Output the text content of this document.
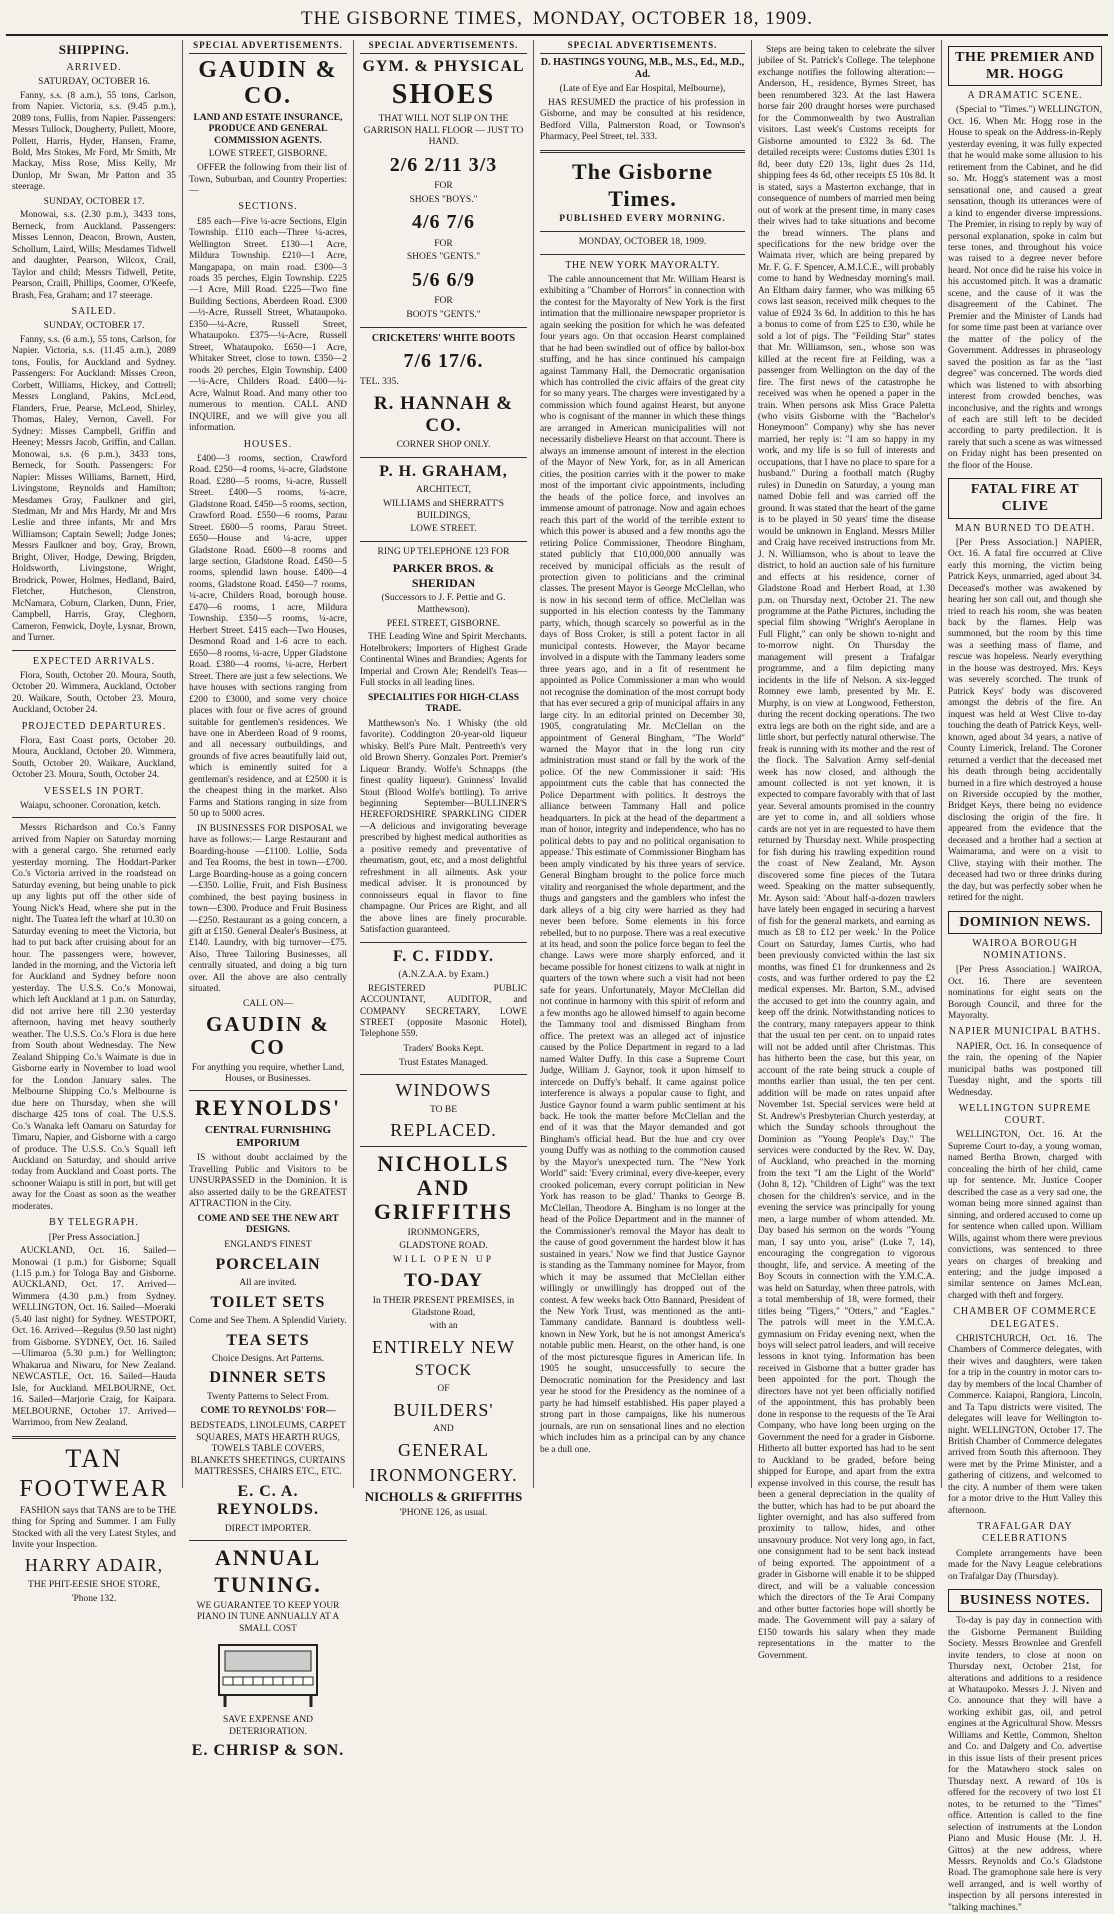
THE GISBORNE TIMES, MONDAY, OCTOBER 18, 1909.
SHIPPING.
ARRIVED.
SATURDAY, OCTOBER 16.

Fanny, s.s. (8 a.m.), 55 tons, Carlson, from Napier. Victoria, s.s. (9.45 p.m.), 2089 tons, Fullis, from Napier. Passengers: Messrs Tullock, Dougherty, Pullett, Moore, Pollett, Harris, Hyder, Hansen, Frame, Bold, Mrs Stokes, Mr Ford, Mr Smith, Mr Mackay, Miss Rose, Miss Kelly, Mr Dunlop, Mr Swan, Mr Patton and 35 steerage.

SUNDAY, OCTOBER 17.

Monowai, s.s. (2.30 p.m.), 3433 tons, Berneck, from Auckland. Passengers: Misses Lennon, Deacon, Brown, Austen, Schollum, Laird, Wills; Mesdames Tidwell and daughter, Pearson, Wilcox, Crail, Taylor and child; Messrs Tidwell, Petite, Pearson, Craill, Phillips, Coomer, O'Keefe, Brash, Fea, Graham; and 17 steerage.

SAILED.
SUNDAY, OCTOBER 17.

Fanny, s.s. (6 a.m.), 55 tons, Carlson, for Napier. Victoria, s.s. (11.45 a.m.), 2089 tons, Foulis, for Auckland and Sydney. Passengers: For Auckland: Misses Creon, Corbett, Williams, Hickey, and Cottrell; Messrs Longland, Pakins, McLeod, Flanders, Frue, Pearse, McLeod, Shirley, Thomas, Haley, Vernon, Cavell. For Sydney: Misses Campbell, Griffin and Heeney; Messrs Jacob, Griffin, and Callan. Monowai, s.s. (6 p.m.), 3433 tons, Berneck, for South. Passengers: For Napier: Misses Williams, Barnett, Hird, Livingstone, Reynolds and Hamilton; Mesdames Gray, Faulkner and girl, Stedman, Mr and Mrs Hardy, Mr and Mrs Leslie and three infants, Mr and Mrs Williamson; Captain Sewell; Judge Jones; Messrs Faulkner and boy, Gray, Brown, Bright, Oliver, Hodge, Dewing, Brigden, Holdsworth, Livingstone, Wright, Brodrick, Power, Holmes, Hedland, Baird, Fletcher, Hutcheson, Clenstron, McNamara, Coburn, Clarken, Dunn, Frier, Campbell, Harris, Gray, Cleghorn, Cameron, Fenwick, Doyle, Lysnar, Brown, and Turner.

EXPECTED ARRIVALS.

Flora, South, October 20. Moura, South, October 20. Wimmera, Auckland, October 20. Waikare, South, October 23. Moura, Auckland, October 24.

PROJECTED DEPARTURES.

Flora, East Coast ports, October 20. Moura, Auckland, October 20. Wimmera, South, October 20. Waikare, Auckland, October 23. Moura, South, October 24.

VESSELS IN PORT.

Waiapu, schooner. Coronation, ketch.

Messrs Richardson and Co.'s Fanny arrived from Napier on Saturday morning with a general cargo. She returned early yesterday morning. The Hoddart-Parker Co.'s Victoria arrived in the roadstead on Saturday evening, but being unable to pick up any lights put off the other side of Young Nick's Head, where she put in the night. The Tuatea left the wharf at 10.30 on Saturday evening to meet the Victoria, but had to put back after cruising about for an hour. The passengers were, however, landed in the morning, and the Victoria left for Auckland and Sydney before noon yesterday. The U.S.S. Co.'s Monowai, which left Auckland at 1 p.m. on Saturday, did not arrive here till 2.30 yesterday afternoon, having met heavy southerly weather. The U.S.S. Co.'s Flora is due here from South about Wednesday. The New Zealand Shipping Co.'s Waimate is due in Gisborne early in November to load wool for the London January sales. The Melbourne Shipping Co.'s Melbourne is due here on Thursday, when she will discharge 425 tons of coal. The U.S.S. Co.'s Wanaka left Oamaru on Saturday for Timaru, Napier, and Gisborne with a cargo of produce. The U.S.S. Co.'s Squall left Auckland on Saturday, and should arrive today from Auckland and Coast ports. The schooner Waiapu is still in port, but will get away for the Coast as soon as the weather moderates.

BY TELEGRAPH.
[Per Press Association.]

AUCKLAND, Oct. 16. Sailed—Monowai (1 p.m.) for Gisborne; Squall (1.15 p.m.) for Tologa Bay and Gisborne. AUCKLAND, Oct. 17. Arrived—Wimmera (4.30 p.m.) from Sydney. WELLINGTON, Oct. 16. Sailed—Moeraki (5.40 last night) for Sydney. WESTPORT, Oct. 16. Arrived—Regulus (9.50 last night) from Gisborne. SYDNEY, Oct. 16. Sailed—Ulimaroa (5.30 p.m.) for Wellington; Whakarua and Niwaru, for New Zealand. NEWCASTLE, Oct. 16. Sailed—Hauda Isle, for Auckland. MELBOURNE, Oct. 16. Sailed—Marjorie Craig, for Kaipara. MELBOURNE, October 17. Arrived—Warrimoo, from New Zealand.

TAN
FOOTWEAR

FASHION says that TANS are to be THE thing for Spring and Summer. I am Fully Stocked with all the very Latest Styles, and Invite your Inspection.

HARRY ADAIR,
THE PHIT-EESIE SHOE STORE,
'Phone 132.
SPECIAL ADVERTISEMENTS.
GAUDIN & CO.
LAND AND ESTATE INSURANCE, PRODUCE AND GENERAL COMMISSION AGENTS.
LOWE STREET, GISBORNE.

OFFER the following from their list of Town, Suburban, and Country Properties:—

SECTIONS.

£85 each—Five ¼-acre Sections, Elgin Township. £110 each—Three ¼-acres, Wellington Street. £130—1 Acre, Mildura Township. £210—1 Acre, Mangapapa, on main road. £300—3 roads 35 perches, Elgin Township. £225—1 Acre, Mill Road. £225—Two fine Building Sections, Aberdeen Road. £300—½-Acre, Russell Street, Whataupoko. £350—¼-Acre, Russell Street, Whataupoko. £375—¼-Acre, Russell Street, Whataupoko. £650—1 Acre, Whitaker Street, close to town. £350—2 roods 20 perches, Elgin Township. £400—¼-Acre, Childers Road. £400—¼-Acre, Walnut Road. And many other too numerous to mention. CALL AND INQUIRE, and we will give you all information.

HOUSES.

£400—3 rooms, section, Crawford Road. £250—4 rooms, ¼-acre, Gladstone Road. £280—5 rooms, ¼-acre, Russell Street. £400—5 rooms, ¼-acre, Gladstone Road. £450—5 rooms, section, Crawford Road. £550—6 rooms, Parau Street. £600—5 rooms, Parau Street. £650—House and ¼-acre, upper Gladstone Road. £600—8 rooms and large section, Gladstone Road. £450—5 rooms, splendid lawn house. £400—4 rooms, Gladstone Road. £450—7 rooms, ¼-acre, Childers Road, borough house. £470—6 rooms, 1 acre, Mildura Township. £350—5 rooms, ¼-acre, Herbert Street. £415 each—Two Houses, Desmond Road and 1-6 acre to each. £650—8 rooms, ¼-acre, Upper Gladstone Road. £380—4 rooms, ¼-acre, Herbert Street. There are just a few selections. We have houses with sections ranging from £200 to £3000, and some very choice places with four or five acres of ground suitable for gentlemen's residences. We have one in Aberdeen Road of 9 rooms, and all necessary outbuildings, and grounds of five acres beautifully laid out, which is eminently suited for a gentleman's residence, and at £2500 it is the cheapest thing in the market. Also Farms and Stations ranging in size from 50 up to 5000 acres.

IN BUSINESSES FOR DISPOSAL we have as follows:— Large Restaurant and Boarding-house —£1100. Lollie, Soda and Tea Rooms, the best in town—£700. Large Boarding-house as a going concern—£350. Lollie, Fruit, and Fish Business combined, the best paying business in town—£300. Produce and Fruit Business—£250. Restaurant as a going concern, a gift at £150. General Dealer's Business, at £140. Laundry, with big turnover—£75. Also, Three Tailoring Businesses, all centrally situated, and doing a big turn over. All the above are also centrally situated.

CALL ON—
GAUDIN & CO

For anything you require, whether Land, Houses, or Businesses.

REYNOLDS'
CENTRAL FURNISHING EMPORIUM

IS without doubt acclaimed by the Travelling Public and Visitors to be UNSURPASSED in the Dominion. It is also asserted daily to be the GREATEST ATTRACTION in the City.

COME AND SEE THE NEW ART DESIGNS.
ENGLAND'S FINEST
PORCELAIN
All are invited.
TOILET SETS
Come and See Them. A Splendid Variety.
TEA SETS
Choice Designs. Art Patterns.
DINNER SETS
Twenty Patterns to Select From.
COME TO REYNOLDS' FOR—
BEDSTEADS, LINOLEUMS, CARPET SQUARES, MATS HEARTH RUGS, TOWELS TABLE COVERS, BLANKETS SHEETINGS, CURTAINS MATTRESSES, CHAIRS ETC., ETC.
E. C. A. REYNOLDS.
DIRECT IMPORTER.
ANNUAL
TUNING.

WE GUARANTEE TO KEEP YOUR PIANO IN TUNE ANNUALLY AT A SMALL COST

SAVE EXPENSE AND DETERIORATION.
E. CHRISP & SON.
SPECIAL ADVERTISEMENTS.
GYM. & PHYSICAL
SHOES
THAT WILL NOT SLIP ON THE GARRISON HALL FLOOR — JUST TO HAND.
2/6 2/11 3/3
FOR
SHOES "BOYS."
4/6 7/6
FOR
SHOES "GENTS."
5/6 6/9
FOR
BOOTS "GENTS."
CRICKETERS' WHITE BOOTS
7/6 17/6.
TEL. 335.
R. HANNAH & CO.
CORNER SHOP ONLY.
P. H. GRAHAM,
ARCHITECT,
WILLIAMS and SHERRATT'S BUILDINGS,
LOWE STREET.
RING UP TELEPHONE 123 FOR
PARKER BROS. & SHERIDAN
(Successors to J. F. Pettie and G. Matthewson).
PEEL STREET, GISBORNE.

THE Leading Wine and Spirit Merchants. Hotelbrokers; Importers of Highest Grade Continental Wines and Brandies; Agents for Imperial and Crown Ale; Rendell's Teas—Full stocks in all leading lines.

SPECIALITIES FOR HIGH-CLASS TRADE.

Matthewson's No. 1 Whisky (the old favorite). Coddington 20-year-old liqueur whisky. Bell's Pure Malt. Pentreeth's very old Brown Sherry. Gonzales Port. Premier's Liqueur Brandy. Wolfe's Schnapps (the finest quality liqueur). Guinness' Invalid Stout (Blood Wolfe's bottling). To arrive beginning September—BULLINER'S HEREFORDSHIRE SPARKLING CIDER—A delicious and invigorating beverage prescribed by highest medical authorities as a positive remedy and preventative of rheumatism, gout, etc, and a most delightful refreshment in all ailments. Ask your medical adviser. It is pronounced by connoisseurs equal in flavor to fine champagne. Our Prices are Right, and all the above lines are finely procurable. Satisfaction guaranteed.

F. C. FIDDY.
(A.N.Z.A.A. by Exam.)

REGISTERED PUBLIC ACCOUNTANT, AUDITOR, and COMPANY SECRETARY, LOWE STREET (opposite Masonic Hotel), Telephone 559.

Traders' Books Kept.
Trust Estates Managed.
WINDOWS
TO BE
REPLACED.
NICHOLLS AND GRIFFITHS
IRONMONGERS,
GLADSTONE ROAD.
WILL OPEN UP
TO-DAY
In THEIR PRESENT PREMISES, in Gladstone Road,
with an
ENTIRELY NEW
STOCK
OF
BUILDERS'
AND
GENERAL
IRONMONGERY.
NICHOLLS & GRIFFITHS
'PHONE 126, as usual.
SPECIAL ADVERTISEMENTS.
D. HASTINGS YOUNG, M.B., M.S., Ed., M.D., Ad.
(Late of Eye and Ear Hospital, Melbourne),

HAS RESUMED the practice of his profession in Gisborne, and may be consulted at his residence, Bedford Villa, Palmerston Road, or Townson's Pharmacy, Peel Street, tel. 333.

The Gisborne Times.
PUBLISHED EVERY MORNING.
MONDAY, OCTOBER 18, 1909.
THE NEW YORK MAYORALTY.

The cable announcement that Mr. William Hearst is exhibiting a "Chamber of Horrors" in connection with the contest for the Mayoralty of New York is the first intimation that the millionaire newspaper proprietor is again seeking the position for which he was defeated four years ago. On that occasion Hearst complained that he had been swindled out of office by ballot-box stuffing, and he has since continued his campaign against Tammany Hall, the Democratic organisation which has controlled the civic affairs of the great city for so many years. The charges were investigated by a commission which found against Hearst, but anyone who is cognisant of the manner in which these things are arranged in American municipalities will not necessarily disbelieve Hearst on that account. There is always an immense amount of interest in the election of the Mayor of New York, for, as in all American cities, the position carries with it the power to make most of the important civic appointments, including the heads of the police force, and involves an immense amount of patronage. Now and again echoes reach this part of the world of the terrible extent to which this power is abused and a few months ago the retiring Police Commissioner, Theodore Bingham, stated publicly that £10,000,000 annually was received by municipal officials as the result of protection given to politicians and the criminal classes. The present Mayor is George McClellan, who is now in his second term of office. McClellan was supported in his election contests by the Tammany party, which, though scarcely so powerful as in the days of Boss Croker, is still a potent factor in all municipal contests. However, the Mayor became involved in a dispute with the Tammany leaders some three years ago, and in a fit of resentment he appointed as Police Commissioner a man who would not recognise the domination of the most corrupt body that has ever secured a grip of municipal affairs in any large city. In an editorial printed on December 30, 1905, congratulating Mr. McClellan on the appointment of General Bingham, "The World" warned the Mayor that in the long run city administration must stand or fall by the work of the police. Of the new Commissioner it said: 'His appointment cuts the cable that has connected the Police Department with politics. It destroys the alliance between Tammany Hall and police headquarters. In pick at the head of the department a man of honor, integrity and independence, who has no political debts to pay and no political organisation to appease.' This estimate of Commissioner Bingham has been amply vindicated by his three years of service. General Bingham brought to the police force much vitality and reorganised the whole department, and the thugs and gangsters and the gamblers who infest the dark alleys of a big city were harried as they had never been before. Some elements in his force rebelled, but to no purpose. There was a real executive at its head, and soon the police force began to feel the change. Laws were more sharply enforced, and it became possible for honest citizens to walk at night in quarters of the town where such a visit had not been safe for years. Unfortunately, Mayor McClellan did not continue in harmony with this spirit of reform and a few months ago he allowed himself to again become the Tammany tool and dismissed Bingham from office. The pretext was an alleged act of injustice caused by the Police Department in regard to a lad named Walter Duffy. In this case a Supreme Court Judge, William J. Gaynor, took it upon himself to intercede on Duffy's behalf. It came against police interference is always a popular cause to fight, and Justice Gaynor found a warm public sentiment at his back. He took the matter before McClellan and the end of it was that the Mayor demanded and got Bingham's official head. But the hue and cry over young Duffy was as nothing to the commotion caused by the Mayor's unexpected turn. The "New York World" said: 'Every criminal, every dive-keeper, every crooked policeman, every corrupt politician in New York has reason to be glad.' Thanks to George B. McClellan, Theodore A. Bingham is no longer at the head of the Police Department and in the manner of the Commissioner's removal the Mayor has dealt to the cause of good government the hardest blow it has sustained in years.' Now we find that Justice Gaynor is standing as the Tammany nominee for Mayor, from which it may be assumed that McClellan either willingly or unwillingly has dropped out of the contest. A few weeks back Otto Bannard, President of the New York Trust, was mentioned as the anti-Tammany candidate. Bannard is doubtless well-known in New York, but he is not amongst America's notable public men. Hearst, on the other hand, is one of the most picturesque figures in American life. In 1905 he sought, unsuccessfully to secure the Democratic nomination for the Presidency and last year he stood for the Presidency as the nominee of a party he had himself established. His paper played a strong part in those campaigns, like his numerous journals, are run on sensational lines and no election which includes him as a principal can by any chance be a dull one.

Steps are being taken to celebrate the silver jubilee of St. Patrick's College. The telephone exchange notifies the following alteration:—Anderson, H., residence, Byrnes Street, has been renumbered 323. At the last Hawera horse fair 200 draught horses were purchased for the Commonwealth by two Australian visitors. Last week's Customs receipts for Gisborne amounted to £322 3s 6d. The detailed receipts were: Customs duties £301 1s 8d, beer duty £20 13s, light dues 2s 11d, shipping fees 4s 6d, other receipts £5 10s 8d. It is stated, says a Masterton exchange, that in consequence of numbers of married men being out of work at the present time, in many cases their wives had to take situations and become the bread winners. The plans and specifications for the new bridge over the Waimata river, which are being prepared by Mr. F. G. F. Spencer, A.M.I.C.E., will probably come to hand by Wednesday morning's mail. An Eltham dairy farmer, who was milking 65 cows last season, received milk cheques to the value of £924 3s 6d. In addition to this he has a bonus to come of from £25 to £30, while he sold a lot of pigs. The "Feilding Star" states that Mr. Williamson, sen., whose son was killed at the recent fire at Feilding, was a passenger from Wellington on the day of the fire. The first news of the catastrophe he received was when he opened a paper in the train. When persons ask Miss Grace Paletta (who visits Gisborne with the "Bachelor's Honeymoon" Company) why she has never married, her reply is: "I am so happy in my work, and my life is so full of interests and occupations, that I have no place to spare for a husband." During a football match (Rugby rules) in Dunedin on Saturday, a young man named Dobie fell and was carried off the ground. It was stated that the heart of the game is to be played in 50 years' time the disease would be unknown in England. Messrs Miller and Craig have received instructions from Mr. J. N. Williamson, who is about to leave the district, to hold an auction sale of his furniture and effects at his residence, corner of Gladstone Road and Herbert Road, at 1.30 p.m. on Thursday next, October 21. The new programme at the Pathe Pictures, including the special film showing "Wright's Aeroplane in Full Flight," can only be shown to-night and to-morrow night. On Thursday the management will present a Trafalgar programme, and a film depicting many incidents in the life of Nelson. A six-legged Romney ewe lamb, presented by Mr. E. Murphy, is on view at Longwood, Fetherston, during the recent docking operations. The two extra legs are both on the right side, and are a little short, but perfectly natural otherwise. The freak is running with its mother and the rest of the flock. The Salvation Army self-denial week has now closed, and although the amount collected is not yet known, it is expected to compare favorably with that of last year. Several amounts promised in the country are yet to come in, and all soldiers whose cards are not yet in are requested to have them returned by Thursday next. While prospecting for fish during his trawling expedition round the coast of New Zealand, Mr. Ayson discovered some fine pieces of the Tutara weed. Speaking on the matter subsequently, Mr. Ayson said: 'About half-a-dozen trawlers have lately been engaged in securing a harvest of fish for the general markets, and earning as much as £8 to £12 per week.' In the Police Court on Saturday, James Curtis, who had been previously convicted within the last six months, was fined £1 for drunkenness and 2s costs, and was further ordered to pay the £2 medical expenses. Mr. Barton, S.M., advised the accused to get into the country again, and keep off the drink. Notwithstanding notices to the contrary, many ratepayers appear to think that the usual ten per cent. on to unpaid rates will not be added until after Christmas. This has hitherto been the case, but this year, on account of the rate being struck a couple of months earlier than usual, the ten per cent. addition will be made on rates unpaid after November 1st. Special services were held at St. Andrew's Presbyterian Church yesterday, at which the Sunday schools throughout the Dominion as "Young People's Day." The services were conducted by the Rev. W. Day, of Auckland, who preached in the morning from the text "I am the Light of the World" (John 8, 12). "Children of Light" was the text chosen for the children's service, and in the evening the service was principally for young men, a large number of whom attended. Mr. Day based his sermon on the words "Young man, I say unto you, arise" (Luke 7, 14), encouraging the congregation to vigorous thought, life, and service. A meeting of the Boy Scouts in connection with the Y.M.C.A. was held on Saturday, when three patrols, with a total membership of 18, were formed, their titles being "Tigers," "Otters," and "Eagles." The patrols will meet in the Y.M.C.A. gymnasium on Friday evening next, when the boys will select patrol leaders, and will receive lessons in knot tying. Information has been received in Gisborne that a butter grader has been appointed for the port. Though the directors have not yet been officially notified of the appointment, this has probably been done in response to the requests of the Te Arai Company, who have long been urging on the Government the need for a grader in Gisborne. Hitherto all butter exported has had to be sent to Auckland to be graded, before being shipped for Europe, and apart from the extra expense involved in this course, the result has been a general depreciation in the quality of the butter, which has had to be put aboard the lighter overnight, and has also suffered from proximity to tallow, hides, and other unsavoury produce. Not very long ago, in fact, one consignment had to be sent back instead of being exported. The appointment of a grader in Gisborne will enable it to be shipped direct, and will be a valuable concession which the directors of the Te Arai Company and other butter factories hope will shortly be made. The Government will pay a salary of £150 towards his salary when they made representations in the matter to the Government.

THE PREMIER AND MR. HOGG
A DRAMATIC SCENE.

(Special to "Times.") WELLINGTON, Oct. 16. When Mr. Hogg rose in the House to speak on the Address-in-Reply yesterday evening, it was fully expected that he would make some allusion to his retirement from the Cabinet, and he did so. Mr. Hogg's statement was a most sensational one, and caused a great sensation, though its utterances were of a kind to engender diverse impressions. The Premier, in rising to reply by way of personal explanation, spoke in calm but terse tones, and throughout his voice was raised to a degree never before heard. Not once did he raise his voice in his accustomed pitch. It was a dramatic scene, and the cause of it was the disagreement of the Cabinet. The Premier and the Minister of Lands had for some time past been at variance over the matter of the policy of the Government. Addresses in phraseology saved the position as far as the "last degree" was concerned. The words died which was listened to with absorbing interest from crowded benches, was inconclusive, and the rights and wrongs of each are still left to be decided according to party predilection. It is rarely that such a scene as was witnessed on Friday night has been presented on the floor of the House.

FATAL FIRE AT CLIVE
MAN BURNED TO DEATH.

[Per Press Association.] NAPIER, Oct. 16. A fatal fire occurred at Clive early this morning, the victim being Patrick Keys, unmarried, aged about 34. Deceased's mother was awakened by hearing her son call out, and though she tried to reach his room, she was beaten back by the flames. Help was summoned, but the room by this time was a seething mass of flame, and rescue was hopeless. Nearly everything in the house was destroyed. Mrs. Keys was severely scorched. The trunk of Patrick Keys' body was discovered amongst the debris of the fire. An inquest was held at West Clive to-day touching the death of Patrick Keys, well-known, aged about 34 years, a native of County Limerick, Ireland. The Coroner returned a verdict that the deceased met his death through being accidentally burned in a fire which destroyed a house on Riverside occupied by the mother, Bridget Keys, there being no evidence disclosing the origin of the fire. It appeared from the evidence that the deceased and a brother had a section at Waimarama, and were on a visit to Clive, staying with their mother. The deceased had two or three drinks during the day, but was perfectly sober when he retired for the night.

DOMINION NEWS.
WAIROA BOROUGH NOMINATIONS.

[Per Press Association.] WAIROA, Oct. 16. There are seventeen nominations for eight seats on the Borough Council, and three for the Mayoralty.

NAPIER MUNICIPAL BATHS.

NAPIER, Oct. 16. In consequence of the rain, the opening of the Napier municipal baths was postponed till Tuesday night, and the sports till Wednesday.

WELLINGTON SUPREME COURT.

WELLINGTON, Oct. 16. At the Supreme Court to-day, a young woman, named Bertha Brown, charged with concealing the birth of her child, came up for sentence. Mr. Justice Cooper described the case as a very sad one, the woman being more sinned against than sinning, and ordered accused to come up for sentence when called upon. William Wills, against whom there were previous convictions, was sentenced to three years on charges of breaking and entering; and the judge imposed a similar sentence on James McLean, charged with theft and forgery.

CHAMBER OF COMMERCE DELEGATES.

CHRISTCHURCH, Oct. 16. The Chambers of Commerce delegates, with their wives and daughters, were taken for a trip in the country in motor cars to-day by members of the local Chamber of Commerce. Kaiapoi, Rangiora, Lincoln, and Ta Tapu districts were visited. The delegates will leave for Wellington to-night. WELLINGTON, October 17. The British Chamber of Commerce delegates arrived from South this afternoon. They were met by the Prime Minister, and a gathering of citizens, and welcomed to the city. A number of them were taken for a motor drive to the Hutt Valley this afternoon.

TRAFALGAR DAY CELEBRATIONS

Complete arrangements have been made for the Navy League celebrations on Trafalgar Day (Thursday).

BUSINESS NOTES.

To-day is pay day in connection with the Gisborne Permanent Building Society. Messrs Brownlee and Grenfell invite tenders, to close at noon on Thursday next, October 21st, for alterations and additions to a residence at Whataupoko. Messrs J. J. Niven and Co. announce that they will have a working exhibit gas, oil, and petrol engines at the Agricultural Show. Messrs Williams and Kettle, Common, Shelton and Co. and Dalgety and Co. advertise in this issue lists of their present prices for the Matawhero stock sales on Thursday next. A reward of 10s is offered for the recovery of two lost £1 notes, to be returned to the "Times" office. Attention is called to the fine selection of instruments at the London Piano and Music House (Mr. J. H. Gittos) at the new address, where Messrs. Reynolds and Co.'s Gladstone Road. The gramophone sale here is very well arranged, and is well worthy of inspection by all persons interested in "talking machines."
